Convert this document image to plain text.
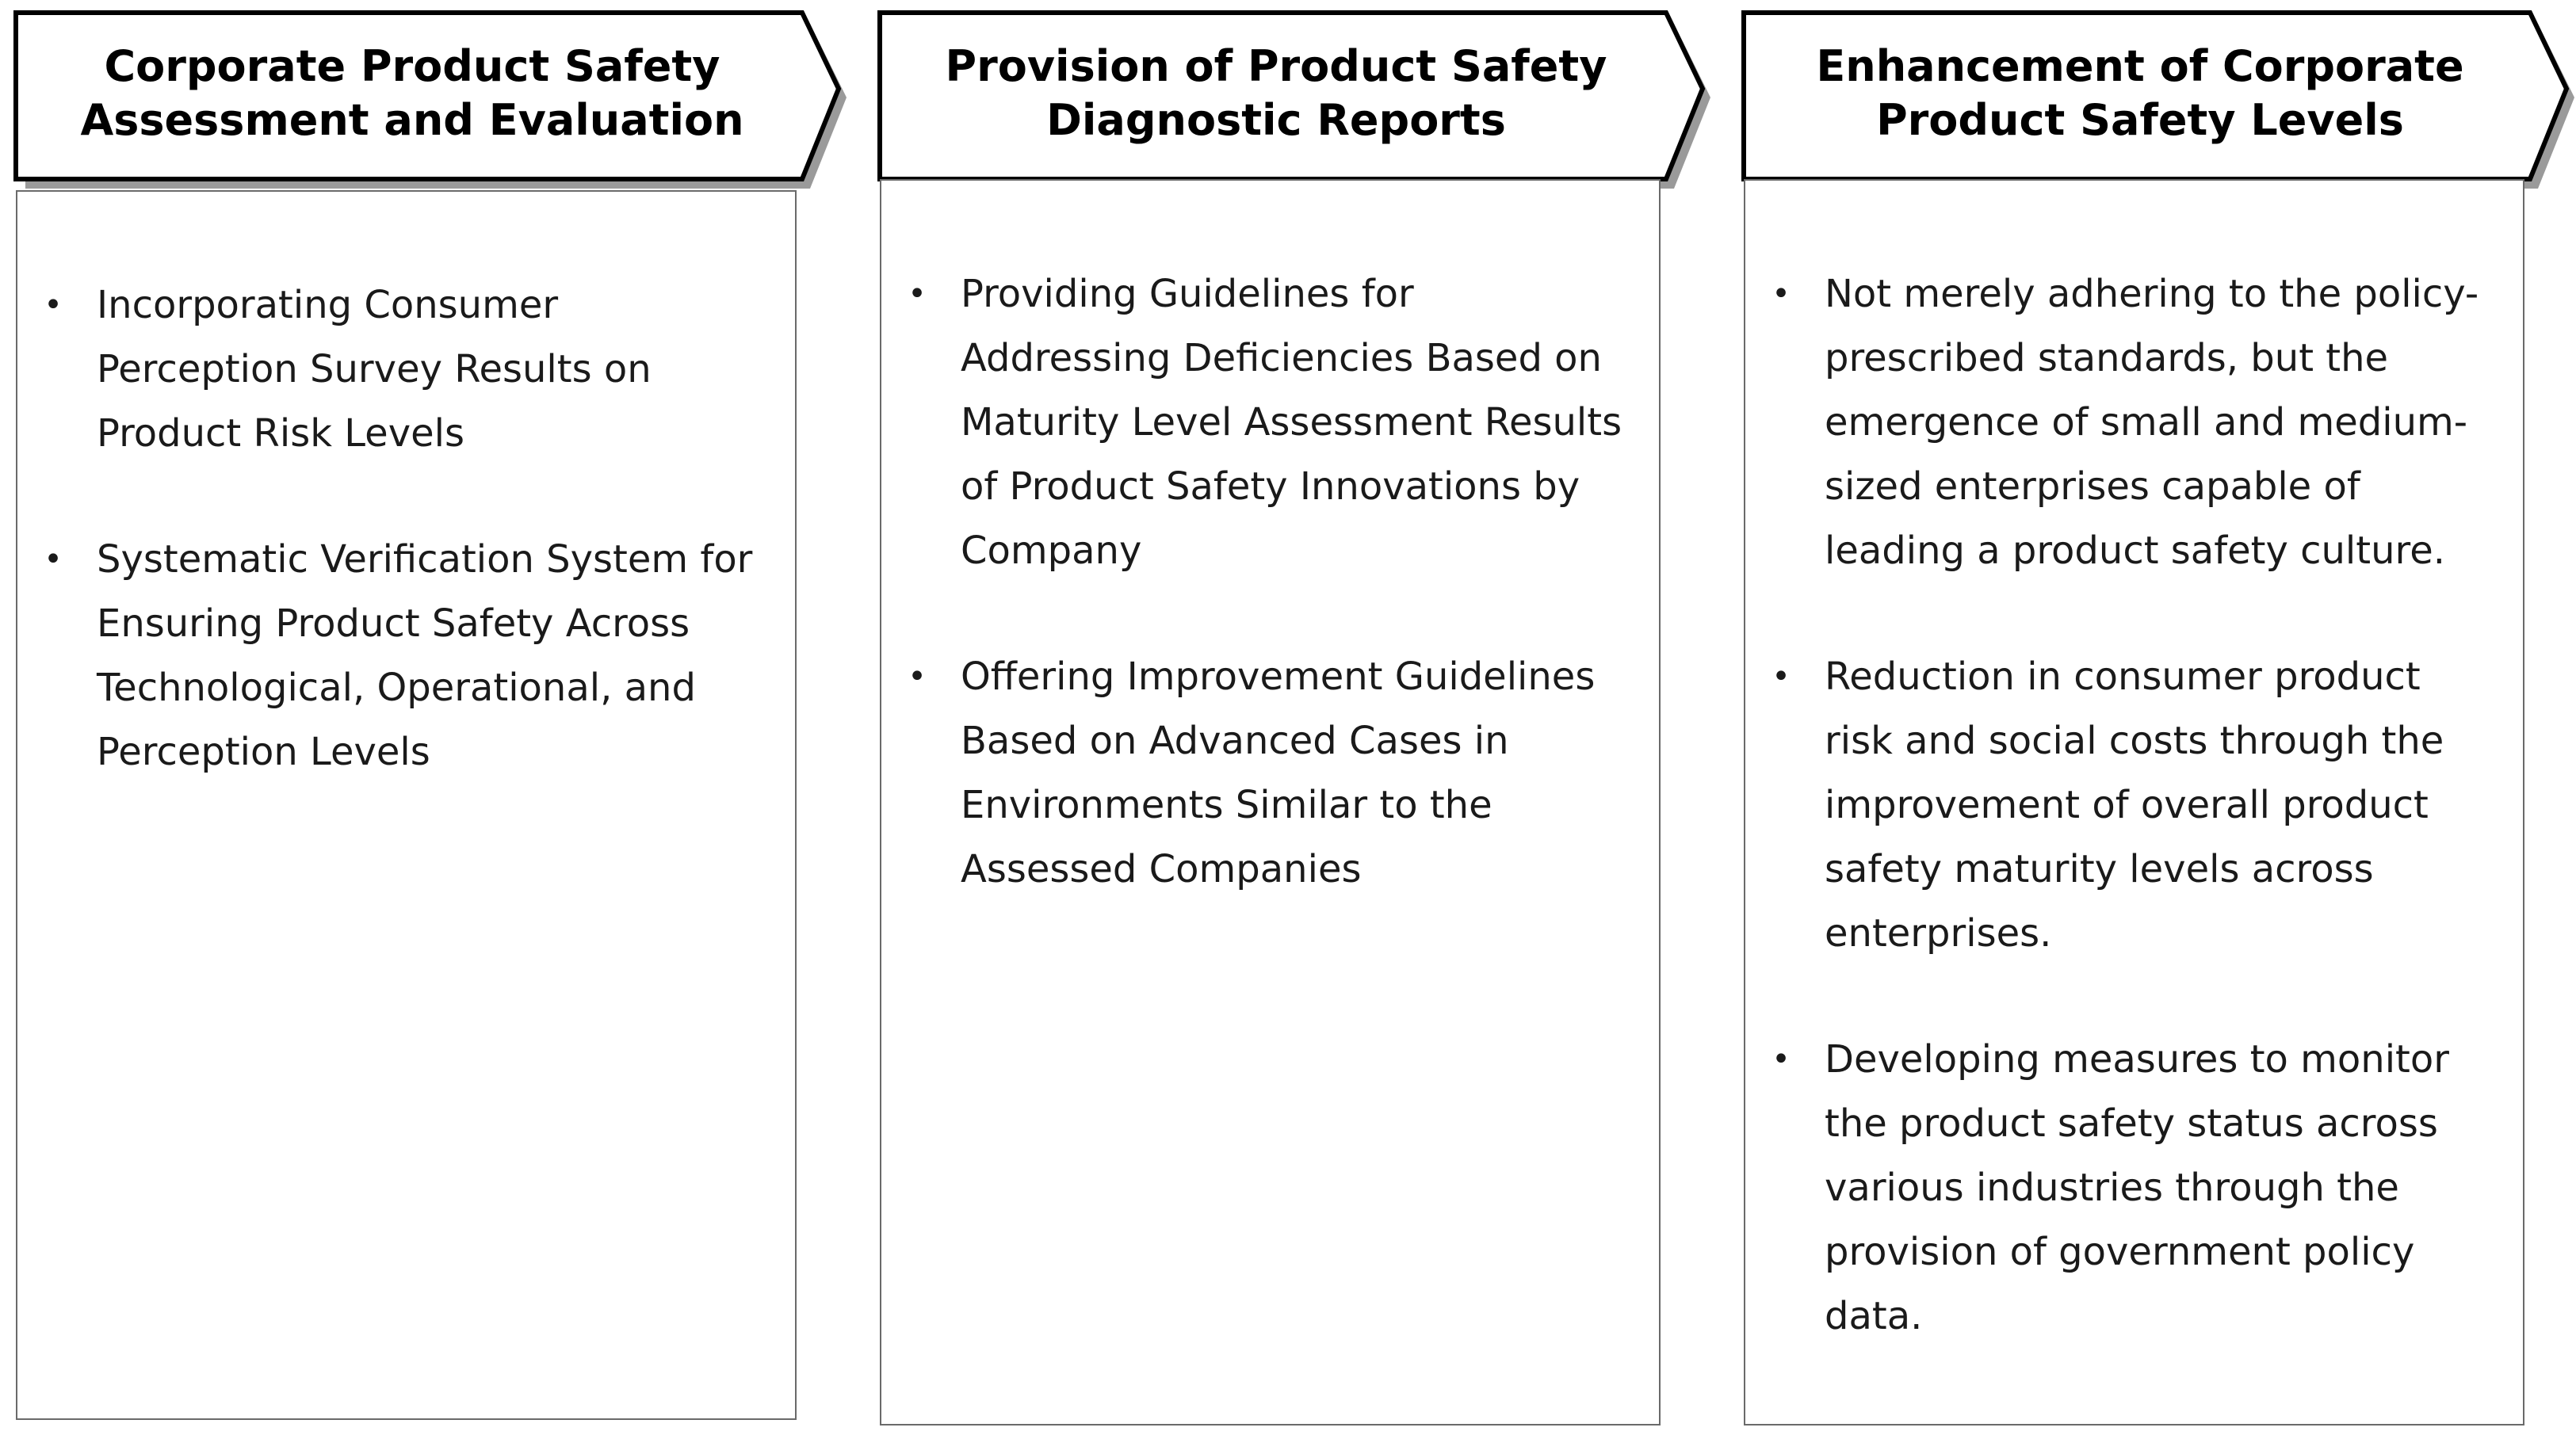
Corporate Product Safety
Assessment and Evaluation
• Incorporating Consumer Perception Survey Results on Product Risk Levels
• Systematic Verification System for Ensuring Product Safety Across Technological, Operational, and Perception Levels
Provision of Product Safety
Diagnostic Reports
• Providing Guidelines for Addressing Deficiencies Based on Maturity Level Assessment Results of Product Safety Innovations by Company
• Offering Improvement Guidelines Based on Advanced Cases in Environments Similar to the Assessed Companies
Enhancement of Corporate
Product Safety Levels
• Not merely adhering to the policy-prescribed standards, but the emergence of small and medium-sized enterprises capable of leading a product safety culture.
• Reduction in consumer product risk and social costs through the improvement of overall product safety maturity levels across enterprises.
• Developing measures to monitor the product safety status across various industries through the provision of government policy data.
